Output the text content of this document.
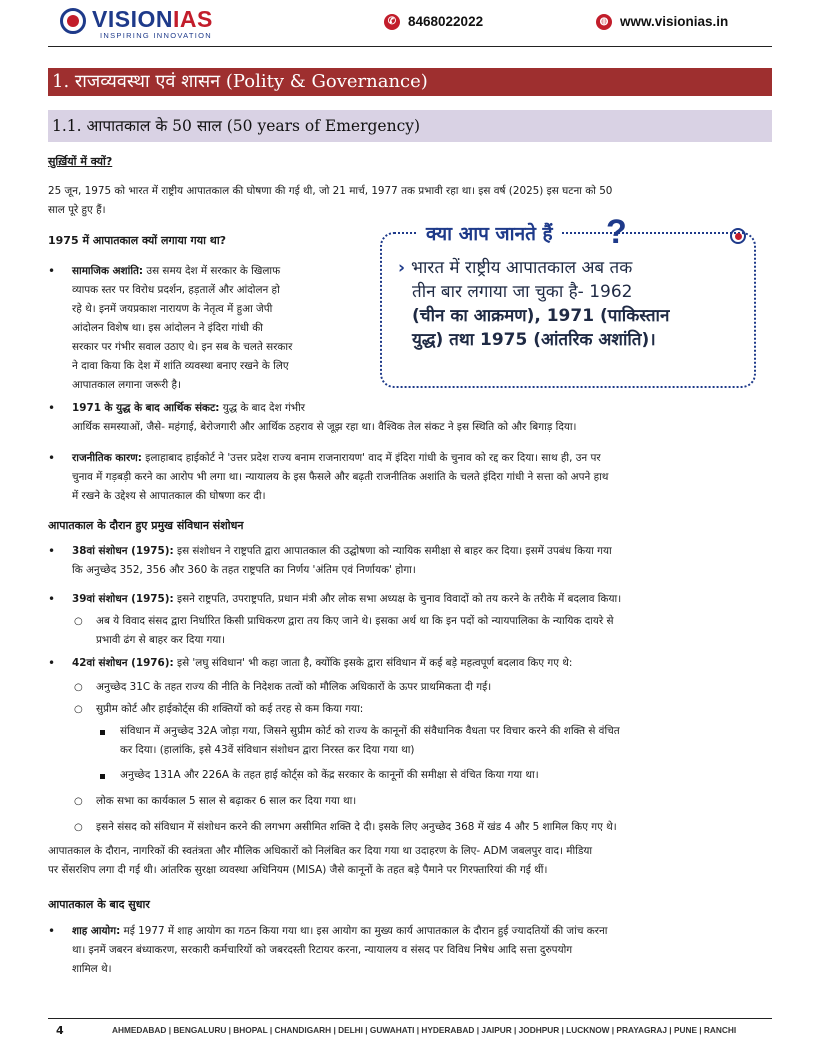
VISIONIAS
INSPIRING INNOVATION
✆ 8468022022	◍ www.visionias.in
1. राजव्यवस्था एवं शासन (Polity & Governance)
1.1. आपातकाल के 50 साल (50 years of Emergency)
सुर्ख़ियों में क्यों?
25 जून, 1975 को भारत में राष्ट्रीय आपातकाल की घोषणा की गई थी, जो 21 मार्च, 1977 तक प्रभावी रहा था। इस वर्ष (2025) इस घटना को 50
साल पूरे हुए हैं।
1975 में आपातकाल क्यों लगाया गया था?
• सामाजिक अशांति: उस समय देश में सरकार के खिलाफ
व्यापक स्तर पर विरोध प्रदर्शन, हड़तालें और आंदोलन हो
रहे थे। इनमें जयप्रकाश नारायण के नेतृत्व में हुआ जेपी
आंदोलन विशेष था। इस आंदोलन ने इंदिरा गांधी की
सरकार पर गंभीर सवाल उठाए थे। इन सब के चलते सरकार
ने दावा किया कि देश में शांति व्यवस्था बनाए रखने के लिए
आपातकाल लगाना जरूरी है।
क्या आप जानते हैं ?
› भारत में राष्ट्रीय आपातकाल अब तक
तीन बार लगाया जा चुका है- 1962
(चीन का आक्रमण), 1971 (पाकिस्तान
युद्ध) तथा 1975 (आंतरिक अशांति)।
• 1971 के युद्ध के बाद आर्थिक संकट: युद्ध के बाद देश गंभीर
आर्थिक समस्याओं, जैसे- महंगाई, बेरोजगारी और आर्थिक ठहराव से जूझ रहा था। वैश्विक तेल संकट ने इस स्थिति को और बिगाड़ दिया।
• राजनीतिक कारण: इलाहाबाद हाईकोर्ट ने 'उत्तर प्रदेश राज्य बनाम राजनारायण' वाद में इंदिरा गांधी के चुनाव को रद्द कर दिया। साथ ही, उन पर
चुनाव में गड़बड़ी करने का आरोप भी लगा था। न्यायालय के इस फैसले और बढ़ती राजनीतिक अशांति के चलते इंदिरा गांधी ने सत्ता को अपने हाथ
में रखने के उद्देश्य से आपातकाल की घोषणा कर दी।
आपातकाल के दौरान हुए प्रमुख संविधान संशोधन
• 38वां संशोधन (1975): इस संशोधन ने राष्ट्रपति द्वारा आपातकाल की उद्घोषणा को न्यायिक समीक्षा से बाहर कर दिया। इसमें उपबंध किया गया
कि अनुच्छेद 352, 356 और 360 के तहत राष्ट्रपति का निर्णय 'अंतिम एवं निर्णायक' होगा।
• 39वां संशोधन (1975): इसने राष्ट्रपति, उपराष्ट्रपति, प्रधान मंत्री और लोक सभा अध्यक्ष के चुनाव विवादों को तय करने के तरीके में बदलाव किया।
○ अब ये विवाद संसद द्वारा निर्धारित किसी प्राधिकरण द्वारा तय किए जाने थे। इसका अर्थ था कि इन पदों को न्यायपालिका के न्यायिक दायरे से
प्रभावी ढंग से बाहर कर दिया गया।
• 42वां संशोधन (1976): इसे 'लघु संविधान' भी कहा जाता है, क्योंकि इसके द्वारा संविधान में कई बड़े महत्वपूर्ण बदलाव किए गए थे:
○ अनुच्छेद 31C के तहत राज्य की नीति के निदेशक तत्वों को मौलिक अधिकारों के ऊपर प्राथमिकता दी गई।
○ सुप्रीम कोर्ट और हाईकोर्ट्स की शक्तियों को कई तरह से कम किया गया:
संविधान में अनुच्छेद 32A जोड़ा गया, जिसने सुप्रीम कोर्ट को राज्य के कानूनों की संवैधानिक वैधता पर विचार करने की शक्ति से वंचित
कर दिया। (हालांकि, इसे 43वें संविधान संशोधन द्वारा निरस्त कर दिया गया था)
अनुच्छेद 131A और 226A के तहत हाई कोर्ट्स को केंद्र सरकार के कानूनों की समीक्षा से वंचित किया गया था।
○ लोक सभा का कार्यकाल 5 साल से बढ़ाकर 6 साल कर दिया गया था।
○ इसने संसद को संविधान में संशोधन करने की लगभग असीमित शक्ति दे दी। इसके लिए अनुच्छेद 368 में खंड 4 और 5 शामिल किए गए थे।
आपातकाल के दौरान, नागरिकों की स्वतंत्रता और मौलिक अधिकारों को निलंबित कर दिया गया था उदाहरण के लिए- ADM जबलपुर वाद। मीडिया
पर सेंसरशिप लगा दी गई थी। आंतरिक सुरक्षा व्यवस्था अधिनियम (MISA) जैसे कानूनों के तहत बड़े पैमाने पर गिरफ्तारियां की गई थीं।
आपातकाल के बाद सुधार
• शाह आयोग: मई 1977 में शाह आयोग का गठन किया गया था। इस आयोग का मुख्य कार्य आपातकाल के दौरान हुई ज्यादतियों की जांच करना
था। इनमें जबरन बंध्याकरण, सरकारी कर्मचारियों को जबरदस्ती रिटायर करना, न्यायालय व संसद पर विविध निषेध आदि सत्ता दुरुपयोग
शामिल थे।
4	AHMEDABAD | BENGALURU | BHOPAL | CHANDIGARH | DELHI | GUWAHATI | HYDERABAD | JAIPUR | JODHPUR | LUCKNOW | PRAYAGRAJ | PUNE | RANCHI
